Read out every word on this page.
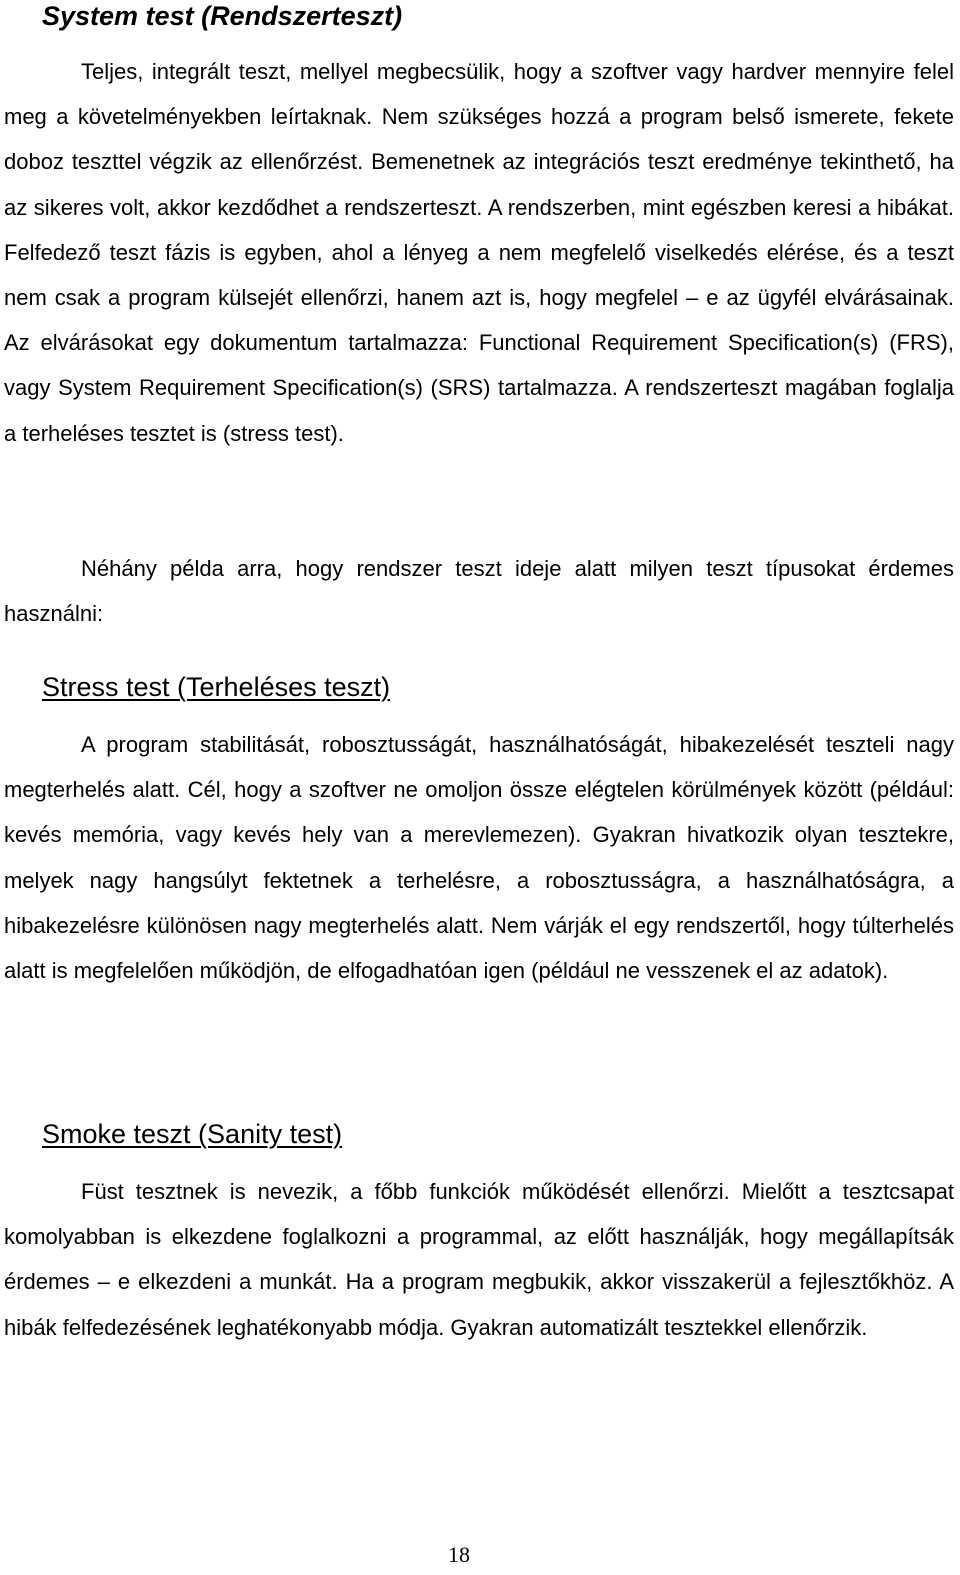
System test (Rendszerteszt)

Teljes, integrált teszt, mellyel megbecsülik, hogy a szoftver vagy hardver mennyire felel meg a követelményekben leírtaknak. Nem szükséges hozzá a program belső ismerete, fekete doboz teszttel végzik az ellenőrzést. Bemenetnek az integrációs teszt eredménye tekinthető, ha az sikeres volt, akkor kezdődhet a rendszerteszt. A rendszerben, mint egészben keresi a hibákat. Felfedező teszt fázis is egyben, ahol a lényeg a nem megfelelő viselkedés elérése, és a teszt nem csak a program külsejét ellenőrzi, hanem azt is, hogy megfelel – e az ügyfél elvárásainak. Az elvárásokat egy dokumentum tartalmazza: Functional Requirement Specification(s) (FRS), vagy System Requirement Specification(s) (SRS) tartalmazza. A rendszerteszt magában foglalja a terheléses tesztet is (stress test).

Néhány példa arra, hogy rendszer teszt ideje alatt milyen teszt típusokat érdemes használni:

Stress test (Terheléses teszt)

A program stabilitását, robosztusságát, használhatóságát, hibakezelését teszteli nagy megterhelés alatt. Cél, hogy a szoftver ne omoljon össze elégtelen körülmények között (például: kevés memória, vagy kevés hely van a merevlemezen). Gyakran hivatkozik olyan tesztekre, melyek nagy hangsúlyt fektetnek a terhelésre, a robosztusságra, a használhatóságra, a hibakezelésre különösen nagy megterhelés alatt. Nem várják el egy rendszertől, hogy túlterhelés alatt is megfelelően működjön, de elfogadhatóan igen (például ne vesszenek el az adatok).

Smoke teszt (Sanity test)

Füst tesztnek is nevezik, a főbb funkciók működését ellenőrzi. Mielőtt a tesztcsapat komolyabban is elkezdene foglalkozni a programmal, az előtt használják, hogy megállapítsák érdemes – e elkezdeni a munkát. Ha a program megbukik, akkor visszakerül a fejlesztőkhöz. A hibák felfedezésének leghatékonyabb módja. Gyakran automatizált tesztekkel ellenőrzik.

18
